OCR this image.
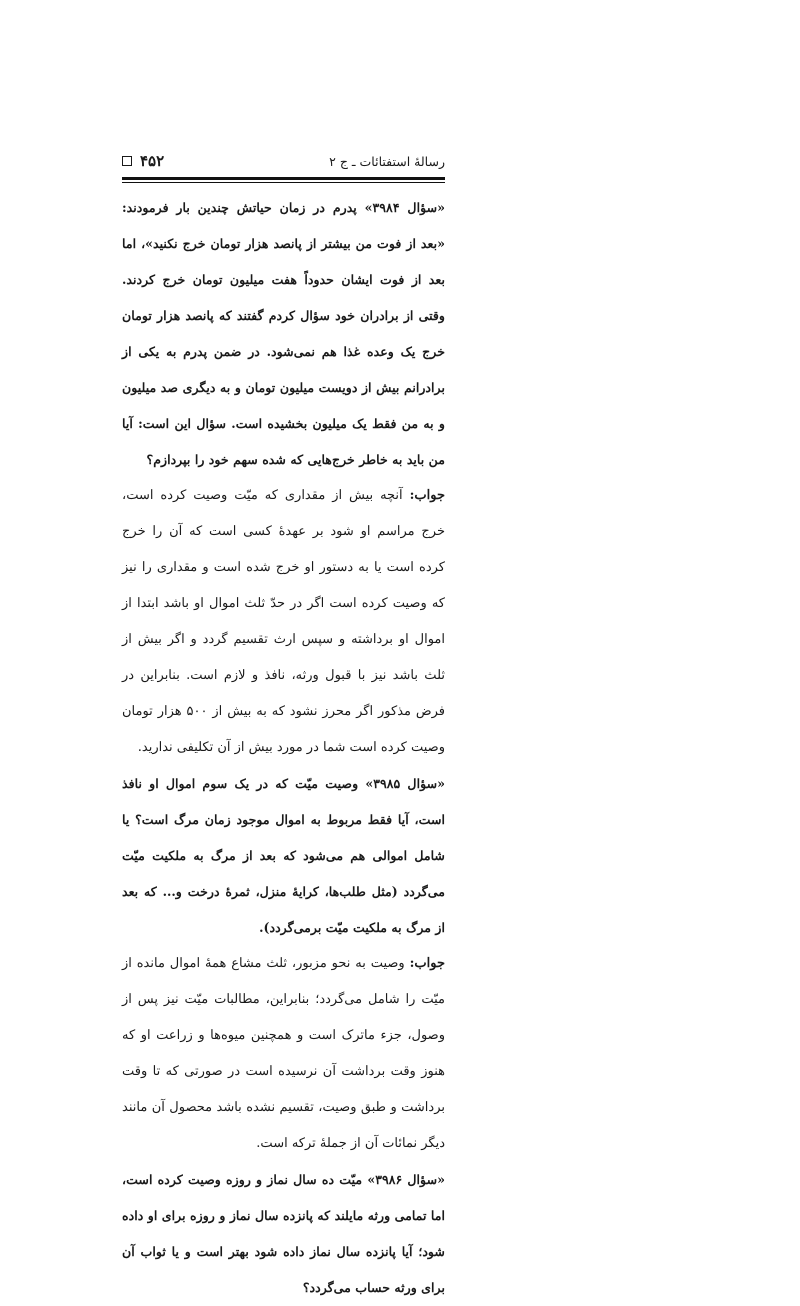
۴۵۲	رسالهٔ استفتائات ـ ج ۲

«سؤال ۳۹۸۴» پدرم در زمان حیاتش چندین بار فرمودند: «بعد از فوت من بیشتر از پانصد هزار تومان خرج نکنید»، اما بعد از فوت ایشان حدوداً هفت میلیون تومان خرج کردند. وقتی از برادران خود سؤال کردم گفتند که پانصد هزار تومان خرج یک وعده غذا هم نمی‌شود. در ضمن پدرم به یکی از برادرانم بیش از دویست میلیون تومان و به دیگری صد میلیون و به من فقط یک میلیون بخشیده است. سؤال این است: آیا من باید به خاطر خرج‌هایی که شده سهم خود را بپردازم؟

جواب: آنچه بیش از مقداری که میّت وصیت کرده است، خرج مراسم او شود بر عهدهٔ کسی است که آن را خرج کرده است یا به دستور او خرج شده است و مقداری را نیز که وصیت کرده است اگر در حدّ ثلث اموال او باشد ابتدا از اموال او برداشته و سپس ارث تقسیم گردد و اگر بیش از ثلث باشد نیز با قبول ورثه، نافذ و لازم است. بنابراین در فرض مذکور اگر محرز نشود که به بیش از ۵۰۰ هزار تومان وصیت کرده است شما در مورد بیش از آن تکلیفی ندارید.

«سؤال ۳۹۸۵» وصیت میّت که در یک سوم اموال او نافذ است، آیا فقط مربوط به اموال موجود زمان مرگ است؟ یا شامل اموالی هم می‌شود که بعد از مرگ به ملکیت میّت می‌گردد (مثل طلب‌ها، کرایهٔ منزل، ثمرهٔ درخت و... که بعد از مرگ به ملکیت میّت برمی‌گردد).

جواب: وصیت به نحو مزبور، ثلث مشاع همهٔ اموال مانده از میّت را شامل می‌گردد؛ بنابراین، مطالبات میّت نیز پس از وصول، جزء ماترک است و همچنین میوه‌ها و زراعت او که هنوز وقت برداشت آن نرسیده است در صورتی که تا وقت برداشت و طبق وصیت، تقسیم نشده باشد محصول آن مانند دیگر نمائات آن از جملهٔ ترکه است.

«سؤال ۳۹۸۶» میّت ده سال نماز و روزه وصیت کرده است، اما تمامی ورثه مایلند که پانزده سال نماز و روزه برای او داده شود؛ آیا پانزده سال نماز داده شود بهتر است و یا ثواب آن برای ورثه حساب می‌گردد؟
